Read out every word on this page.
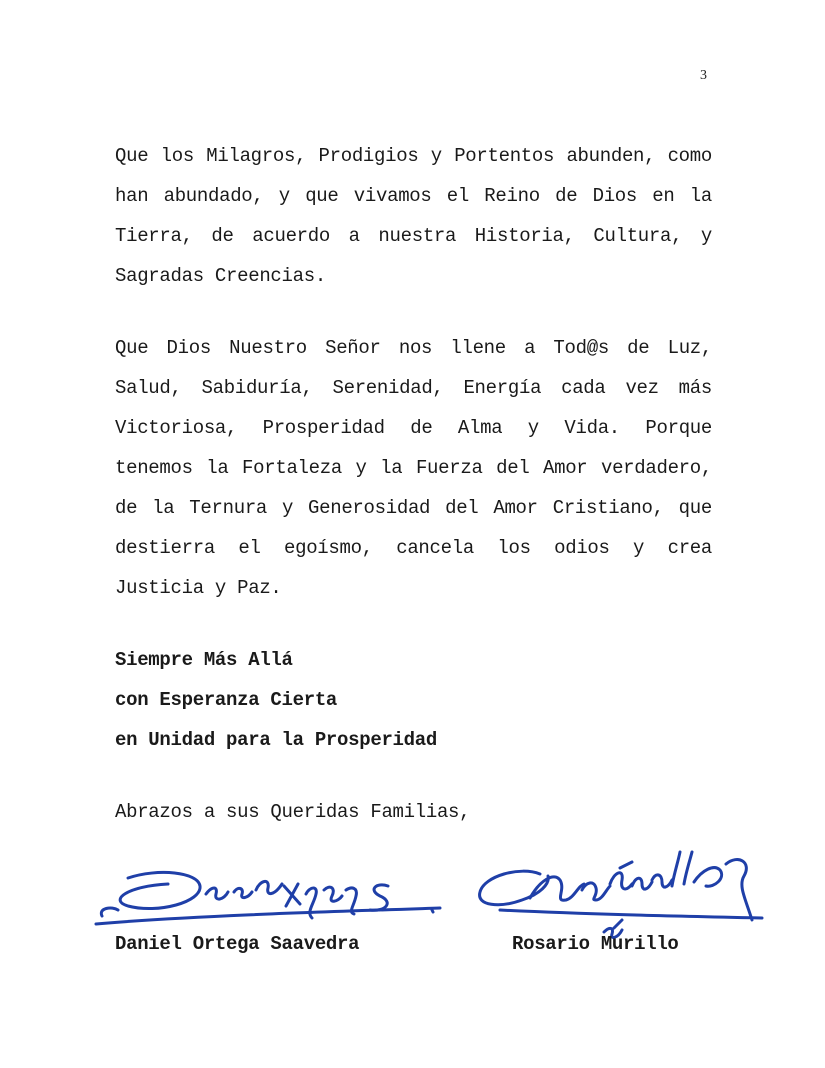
3

Que los Milagros, Prodigios y Portentos abunden, como han abundado, y que vivamos el Reino de Dios en la Tierra, de acuerdo a nuestra Historia, Cultura, y Sagradas Creencias.

Que Dios Nuestro Señor nos llene a Tod@s de Luz, Salud, Sabiduría, Serenidad, Energía cada vez más Victoriosa, Prosperidad de Alma y Vida. Porque tenemos la Fortaleza y la Fuerza del Amor verdadero, de la Ternura y Generosidad del Amor Cristiano, que destierra el egoísmo, cancela los odios y crea Justicia y Paz.

Siempre Más Allá
con Esperanza Cierta
en Unidad para la Prosperidad

Abrazos a sus Queridas Familias,

Daniel Ortega Saavedra	Rosario Murillo
